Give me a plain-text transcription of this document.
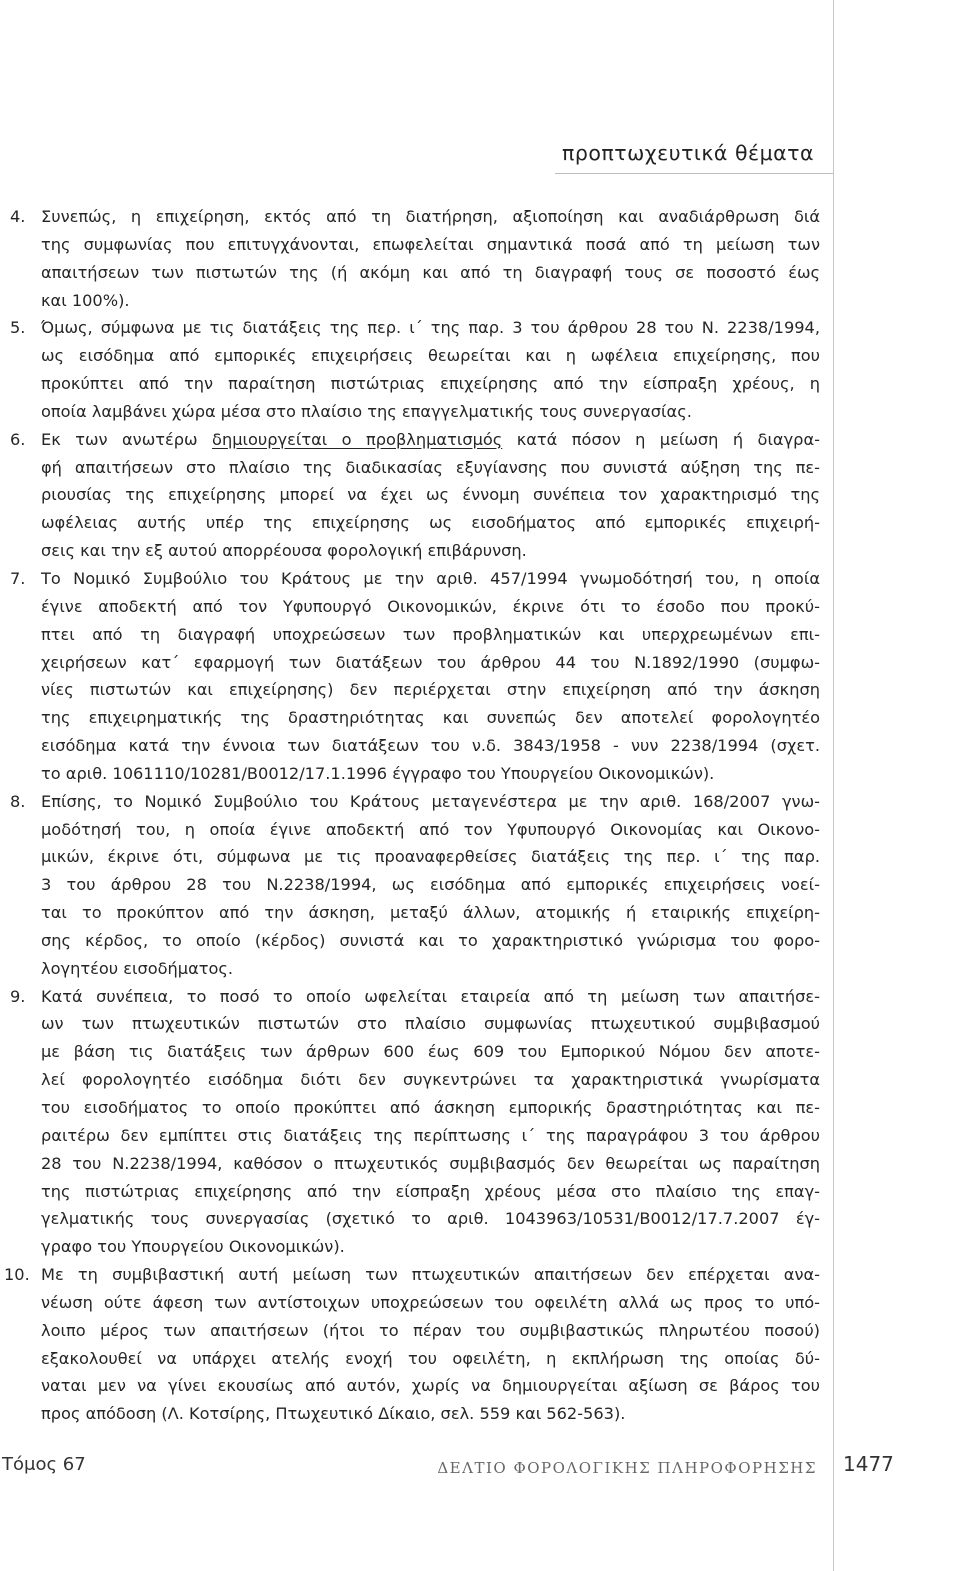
προπτωχευτικά θέματα
4. Συνεπώς, η επιχείρηση, εκτός από τη διατήρηση, αξιοποίηση και αναδιάρθρωση διά
της συμφωνίας που επιτυγχάνονται, επωφελείται σημαντικά ποσά από τη μείωση των
απαιτήσεων των πιστωτών της (ή ακόμη και από τη διαγραφή τους σε ποσοστό έως
και 100%).
5. Όμως, σύμφωνα με τις διατάξεις της περ. ι΄ της παρ. 3 του άρθρου 28 του Ν. 2238/1994,
ως εισόδημα από εμπορικές επιχειρήσεις θεωρείται και η ωφέλεια επιχείρησης, που
προκύπτει από την παραίτηση πιστώτριας επιχείρησης από την είσπραξη χρέους, η
οποία λαμβάνει χώρα μέσα στο πλαίσιο της επαγγελματικής τους συνεργασίας.
6. Εκ των ανωτέρω δημιουργείται ο προβληματισμός κατά πόσον η μείωση ή διαγρα-
φή απαιτήσεων στο πλαίσιο της διαδικασίας εξυγίανσης που συνιστά αύξηση της πε-
ριουσίας της επιχείρησης μπορεί να έχει ως έννομη συνέπεια τον χαρακτηρισμό της
ωφέλειας αυτής υπέρ της επιχείρησης ως εισοδήματος από εμπορικές επιχειρή-
σεις και την εξ αυτού απορρέουσα φορολογική επιβάρυνση.
7. Το Νομικό Συμβούλιο του Κράτους με την αριθ. 457/1994 γνωμοδότησή του, η οποία
έγινε αποδεκτή από τον Υφυπουργό Οικονομικών, έκρινε ότι το έσοδο που προκύ-
πτει από τη διαγραφή υποχρεώσεων των προβληματικών και υπερχρεωμένων επι-
χειρήσεων κατ΄ εφαρμογή των διατάξεων του άρθρου 44 του Ν.1892/1990 (συμφω-
νίες πιστωτών και επιχείρησης) δεν περιέρχεται στην επιχείρηση από την άσκηση
της επιχειρηματικής της δραστηριότητας και συνεπώς δεν αποτελεί φορολογητέο
εισόδημα κατά την έννοια των διατάξεων του ν.δ. 3843/1958 - νυν 2238/1994 (σχετ.
το αριθ. 1061110/10281/Β0012/17.1.1996 έγγραφο του Υπουργείου Οικονομικών).
8. Επίσης, το Νομικό Συμβούλιο του Κράτους μεταγενέστερα με την αριθ. 168/2007 γνω-
μοδότησή του, η οποία έγινε αποδεκτή από τον Υφυπουργό Οικονομίας και Οικονο-
μικών, έκρινε ότι, σύμφωνα με τις προαναφερθείσες διατάξεις της περ. ι΄ της παρ.
3 του άρθρου 28 του Ν.2238/1994, ως εισόδημα από εμπορικές επιχειρήσεις νοεί-
ται το προκύπτον από την άσκηση, μεταξύ άλλων, ατομικής ή εταιρικής επιχείρη-
σης κέρδος, το οποίο (κέρδος) συνιστά και το χαρακτηριστικό γνώρισμα του φορο-
λογητέου εισοδήματος.
9. Κατά συνέπεια, το ποσό το οποίο ωφελείται εταιρεία από τη μείωση των απαιτήσε-
ων των πτωχευτικών πιστωτών στο πλαίσιο συμφωνίας πτωχευτικού συμβιβασμού
με βάση τις διατάξεις των άρθρων 600 έως 609 του Εμπορικού Νόμου δεν αποτε-
λεί φορολογητέο εισόδημα διότι δεν συγκεντρώνει τα χαρακτηριστικά γνωρίσματα
του εισοδήματος το οποίο προκύπτει από άσκηση εμπορικής δραστηριότητας και πε-
ραιτέρω δεν εμπίπτει στις διατάξεις της περίπτωσης ι΄ της παραγράφου 3 του άρθρου
28 του Ν.2238/1994, καθόσον ο πτωχευτικός συμβιβασμός δεν θεωρείται ως παραίτηση
της πιστώτριας επιχείρησης από την είσπραξη χρέους μέσα στο πλαίσιο της επαγ-
γελματικής τους συνεργασίας (σχετικό το αριθ. 1043963/10531/Β0012/17.7.2007 έγ-
γραφο του Υπουργείου Οικονομικών).
10. Με τη συμβιβαστική αυτή μείωση των πτωχευτικών απαιτήσεων δεν επέρχεται ανα-
νέωση ούτε άφεση των αντίστοιχων υποχρεώσεων του οφειλέτη αλλά ως προς το υπό-
λοιπο μέρος των απαιτήσεων (ήτοι το πέραν του συμβιβαστικώς πληρωτέου ποσού)
εξακολουθεί να υπάρχει ατελής ενοχή του οφειλέτη, η εκπλήρωση της οποίας δύ-
ναται μεν να γίνει εκουσίως από αυτόν, χωρίς να δημιουργείται αξίωση σε βάρος του
προς απόδοση (Λ. Κοτσίρης, Πτωχευτικό Δίκαιο, σελ. 559 και 562-563).
Τόμος 67	ΔΕΛΤΙΟ ΦΟΡΟΛΟΓΙΚΗΣ ΠΛΗΡΟΦΟΡΗΣΗΣ 1477
